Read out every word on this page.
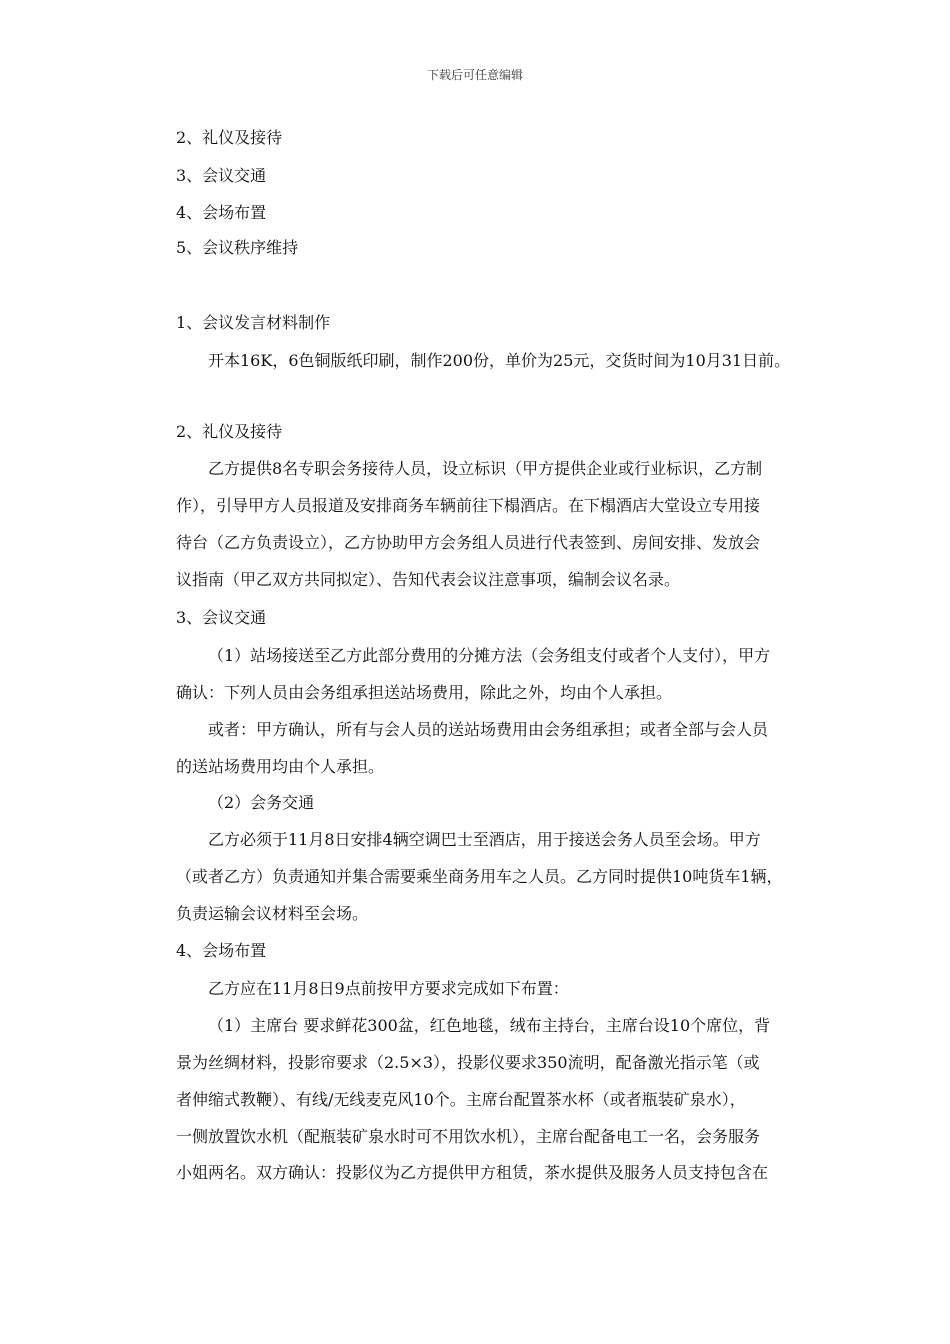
下载后可任意编辑
2、礼仪及接待
3、会议交通
4、会场布置
5、会议秩序维持
1、会议发言材料制作
开本16K，6色铜版纸印刷，制作200份，单价为25元，交货时间为10月31日前。
2、礼仪及接待
乙方提供8名专职会务接待人员，设立标识（甲方提供企业或行业标识，乙方制
作），引导甲方人员报道及安排商务车辆前往下榻酒店。在下榻酒店大堂设立专用接
待台（乙方负责设立），乙方协助甲方会务组人员进行代表签到、房间安排、发放会
议指南（甲乙双方共同拟定）、告知代表会议注意事项，编制会议名录。
3、会议交通
（1）站场接送至乙方此部分费用的分摊方法（会务组支付或者个人支付），甲方
确认：下列人员由会务组承担送站场费用，除此之外，均由个人承担。
或者：甲方确认，所有与会人员的送站场费用由会务组承担；或者全部与会人员
的送站场费用均由个人承担。
（2）会务交通
乙方必须于11月8日安排4辆空调巴士至酒店，用于接送会务人员至会场。甲方
（或者乙方）负责通知并集合需要乘坐商务用车之人员。乙方同时提供10吨货车1辆，
负责运输会议材料至会场。
4、会场布置
乙方应在11月8日9点前按甲方要求完成如下布置：
（1）主席台 要求鲜花300盆，红色地毯，绒布主持台，主席台设10个席位，背
景为丝绸材料，投影帘要求（2.5×3），投影仪要求350流明，配备激光指示笔（或
者伸缩式教鞭）、有线/无线麦克风10个。主席台配置茶水杯（或者瓶装矿泉水），
一侧放置饮水机（配瓶装矿泉水时可不用饮水机），主席台配备电工一名，会务服务
小姐两名。双方确认：投影仪为乙方提供甲方租赁，茶水提供及服务人员支持包含在
